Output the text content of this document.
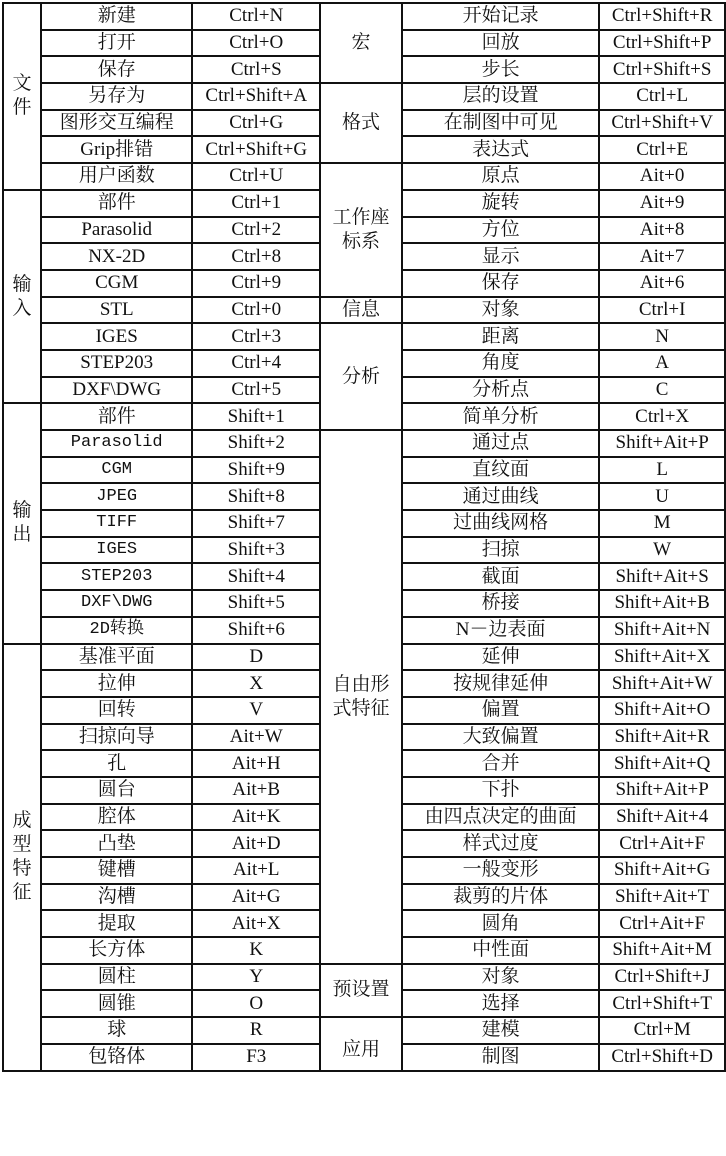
文件	新建	Ctrl+N	宏	开始记录	Ctrl+Shift+R
	打开	Ctrl+O		回放	Ctrl+Shift+P
	保存	Ctrl+S		步长	Ctrl+Shift+S
	另存为	Ctrl+Shift+A	格式	层的设置	Ctrl+L
	图形交互编程	Ctrl+G		在制图中可见	Ctrl+Shift+V
	Grip排错	Ctrl+Shift+G		表达式	Ctrl+E
	用户函数	Ctrl+U	工作座标系	原点	Ait+0
输入	部件	Ctrl+1		旋转	Ait+9
	Parasolid	Ctrl+2		方位	Ait+8
	NX-2D	Ctrl+8		显示	Ait+7
	CGM	Ctrl+9		保存	Ait+6
	STL	Ctrl+0	信息	对象	Ctrl+I
	IGES	Ctrl+3	分析	距离	N
	STEP203	Ctrl+4		角度	A
	DXF\DWG	Ctrl+5		分析点	C
输出	部件	Shift+1		简单分析	Ctrl+X
	Parasolid	Shift+2	自由形式特征	通过点	Shift+Ait+P
	CGM	Shift+9		直纹面	L
	JPEG	Shift+8		通过曲线	U
	TIFF	Shift+7		过曲线网格	M
	IGES	Shift+3		扫掠	W
	STEP203	Shift+4		截面	Shift+Ait+S
	DXF\DWG	Shift+5		桥接	Shift+Ait+B
	2D转换	Shift+6		N－边表面	Shift+Ait+N
成型特征	基准平面	D		延伸	Shift+Ait+X
	拉伸	X		按规律延伸	Shift+Ait+W
	回转	V		偏置	Shift+Ait+O
	扫掠向导	Ait+W		大致偏置	Shift+Ait+R
	孔	Ait+H		合并	Shift+Ait+Q
	圆台	Ait+B		下扑	Shift+Ait+P
	腔体	Ait+K		由四点决定的曲面	Shift+Ait+4
	凸垫	Ait+D		样式过度	Ctrl+Ait+F
	键槽	Ait+L		一般变形	Shift+Ait+G
	沟槽	Ait+G		裁剪的片体	Shift+Ait+T
	提取	Ait+X		圆角	Ctrl+Ait+F
	长方体	K		中性面	Shift+Ait+M
	圆柱	Y	预设置	对象	Ctrl+Shift+J
	圆锥	O		选择	Ctrl+Shift+T
	球	R	应用	建模	Ctrl+M
	包铬体	F3		制图	Ctrl+Shift+D
